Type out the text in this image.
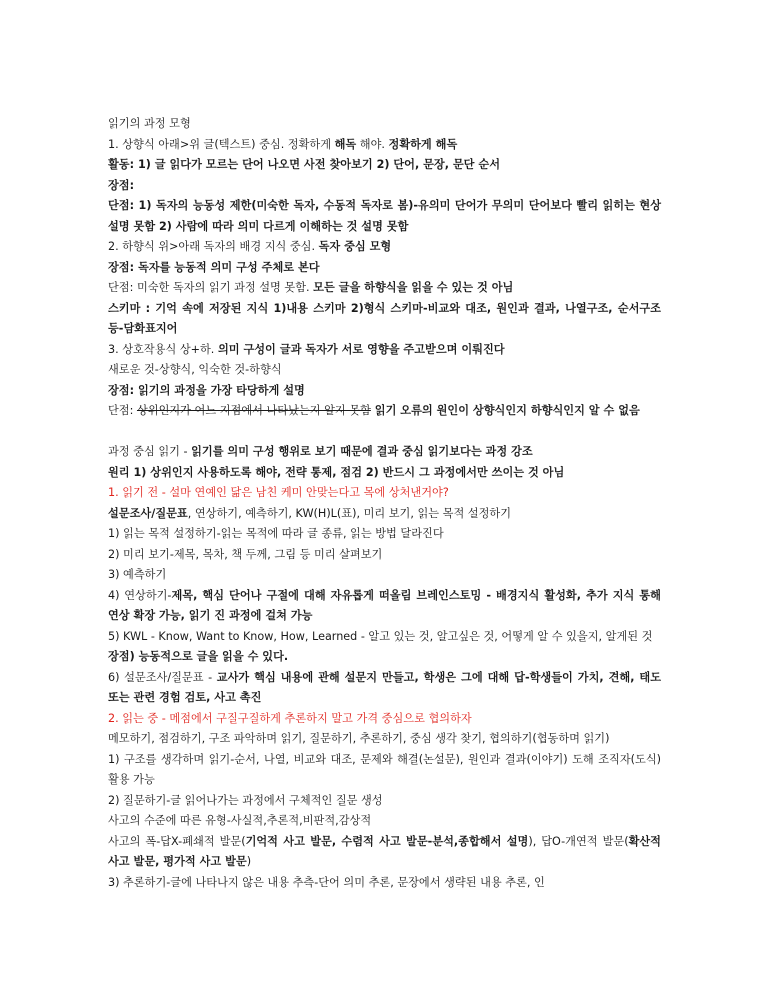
읽기의 과정 모형

1. 상향식 아래>위 글(텍스트) 중심. 정확하게 해독 해야. 정확하게 해독

활동: 1) 글 읽다가 모르는 단어 나오면 사전 찾아보기 2) 단어, 문장, 문단 순서

장점:

단점: 1) 독자의 능동성 제한(미숙한 독자, 수동적 독자로 봄)-유의미 단어가 무의미 단어보다 빨리 읽히는 현상 설명 못함 2) 사람에 따라 의미 다르게 이해하는 것 설명 못함

2. 하향식 위>아래 독자의 배경 지식 중심. 독자 중심 모형

장점: 독자를 능동적 의미 구성 주체로 본다

단점: 미숙한 독자의 읽기 과정 설명 못함. 모든 글을 하향식을 읽을 수 있는 것 아님

스키마 : 기억 속에 저장된 지식 1)내용 스키마 2)형식 스키마-비교와 대조, 원인과 결과, 나열구조, 순서구조 등-담화표지어

3. 상호작용식 상+하. 의미 구성이 글과 독자가 서로 영향을 주고받으며 이뤄진다

새로운 것-상향식, 익숙한 것-하향식

장점: 읽기의 과정을 가장 타당하게 설명

단점: 상위인지가 어느 지점에서 나타났는지 알지 못함 읽기 오류의 원인이 상향식인지 하향식인지 알 수 없음

과정 중심 읽기 - 읽기를 의미 구성 행위로 보기 때문에 결과 중심 읽기보다는 과정 강조

원리 1) 상위인지 사용하도록 해야, 전략 통제, 점검 2) 반드시 그 과정에서만 쓰이는 것 아님

1. 읽기 전 - 설마 연예인 닮은 남친 케미 안맞는다고 목에 상처낸거야?

설문조사/질문표, 연상하기, 예측하기, KW(H)L(표), 미리 보기, 읽는 목적 설정하기

1) 읽는 목적 설정하기-읽는 목적에 따라 글 종류, 읽는 방법 달라진다

2) 미리 보기-제목, 목차, 책 두께, 그림 등 미리 살펴보기

3) 예측하기

4) 연상하기-제목, 핵심 단어나 구절에 대해 자유롭게 떠올림 브레인스토밍 - 배경지식 활성화, 추가 지식 통해 연상 확장 가능, 읽기 진 과정에 걸쳐 가능

5) KWL - Know, Want to Know, How, Learned - 알고 있는 것, 알고싶은 것, 어떻게 알 수 있을지, 알게된 것

장점) 능동적으로 글을 읽을 수 있다.

6) 설문조사/질문표 - 교사가 핵심 내용에 관해 설문지 만들고, 학생은 그에 대해 답-학생들이 가치, 견해, 태도 또는 관련 경험 검토, 사고 촉진

2. 읽는 중 - 메점에서 구질구질하게 추론하지 말고 가격 중심으로 협의하자

메모하기, 점검하기, 구조 파악하며 읽기, 질문하기, 추론하기, 중심 생각 찾기, 협의하기(협동하며 읽기)

1) 구조를 생각하며 읽기-순서, 나열, 비교와 대조, 문제와 해결(논설문), 원인과 결과(이야기) 도해 조직자(도식) 활용 가능

2) 질문하기-글 읽어나가는 과정에서 구체적인 질문 생성

사고의 수준에 따른 유형-사실적,추론적,비판적,감상적

사고의 폭-답X-폐쇄적 발문(기억적 사고 발문, 수렴적 사고 발문-분석,종합해서 설명), 답O-개연적 발문(확산적 사고 발문, 평가적 사고 발문)

3) 추론하기-글에 나타나지 않은 내용 추측-단어 의미 추론, 문장에서 생략된 내용 추론, 인
